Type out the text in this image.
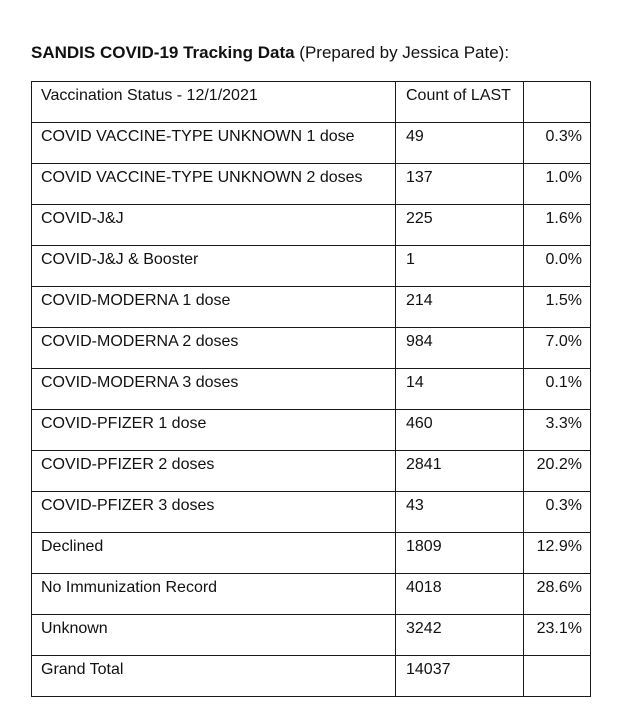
SANDIS COVID-19 Tracking Data (Prepared by Jessica Pate):
Vaccination Status - 12/1/2021	Count of LAST	
COVID VACCINE-TYPE UNKNOWN 1 dose	49	0.3%
COVID VACCINE-TYPE UNKNOWN 2 doses	137	1.0%
COVID-J&J	225	1.6%
COVID-J&J & Booster	1	0.0%
COVID-MODERNA 1 dose	214	1.5%
COVID-MODERNA 2 doses	984	7.0%
COVID-MODERNA 3 doses	14	0.1%
COVID-PFIZER 1 dose	460	3.3%
COVID-PFIZER 2 doses	2841	20.2%
COVID-PFIZER 3 doses	43	0.3%
Declined	1809	12.9%
No Immunization Record	4018	28.6%
Unknown	3242	23.1%
Grand Total	14037	
